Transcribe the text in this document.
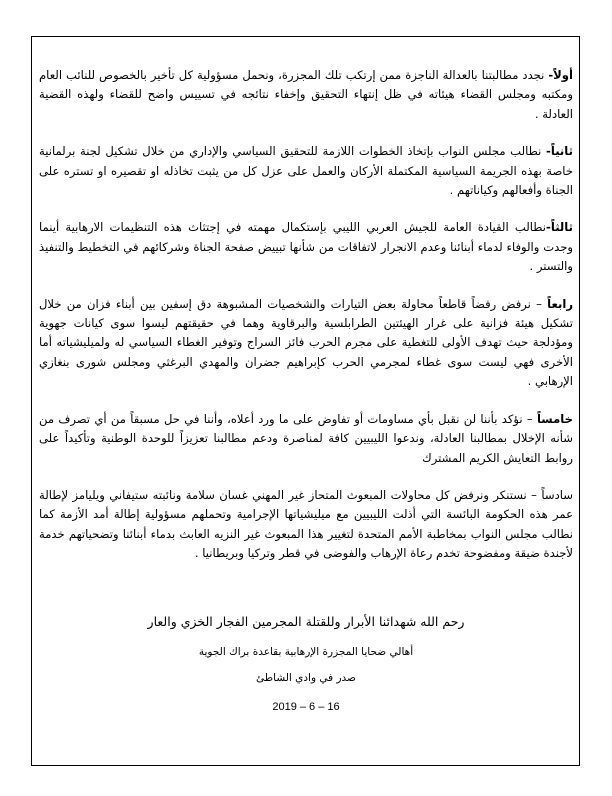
أولاً- نجدد مطالبتنا بالعدالة الناجزة ممن إرتكب تلك المجزرة، ونحمل مسؤولية كل تأخير بالخصوص للنائب العام ومكتبه ومجلس القضاء هيئاته في ظل إنتهاء التحقيق وإخفاء نتائجه في تسييس واضح للقضاء ولهذه القضية العادلة .

ثانياً- نطالب مجلس النواب بإتخاذ الخطوات اللازمة للتحقيق السياسي والإداري من خلال تشكيل لجنة برلمانية خاصة بهذه الجريمة السياسية المكتملة الأركان والعمل على عزل كل من يثبت تخاذله او تقصيره او تستره على الجناة وأفعالهم وكياناتهم .

ثالثاً-نطالب القيادة العامة للجيش العربي الليبي بإستكمال مهمته في إجتثاث هذه التنظيمات الارهابية أينما وجدت والوفاء لدماء أبنائنا وعدم الانجرار لاتفاقات من شأنها تبييض صفحة الجناة وشركائهم في التخطيط والتنفيذ والتستر .

رابعاً – نرفض رفضاً قاطعاً محاولة بعض التيارات والشخصيات المشبوهة دق إسفين بين أبناء فزان من خلال تشكيل هيئة فزانية على غرار الهيئتين الطرابلسية والبرقاوية وهما في حقيقتهم ليسوا سوى كيانات جهوية ومؤدلجة حيث تهدف الأولى للتغطية على مجرم الحرب فائز السراج وتوفير الغطاء السياسي له ولميليشياته أما الأخرى فهي ليست سوى غطاء لمجرمي الحرب كإبراهيم جضران والمهدي البرغثي ومجلس شورى بنغازي الإرهابي .

خامساً – نؤكد بأننا لن نقبل بأي مساومات أو تفاوض على ما ورد أعلاه، وأننا في حل مسبقاً من أي تصرف من شأنه الإخلال بمطالبنا العادلة، وندعوا الليبيين كافة لمناصرة ودعم مطالبنا تعزيزاً للوحدة الوطنية وتأكيداً على روابط التعايش الكريم المشترك

سادساً – نستنكر ونرفض كل محاولات المبعوث المتحاز غير المهني غسان سلامة ونائبته ستيفاني ويليامز لإطالة عمر هذه الحكومة البائسة التي أذلت الليبيين مع ميليشياتها الإجرامية وتحملهم مسؤولية إطالة أمد الأزمة كما نطالب مجلس النواب بمخاطبة الأمم المتحدة لتغيير هذا المبعوث غير النزيه العابث بدماء أبنائنا وتضحياتهم خدمة لأجندة ضيقة ومفضوحة تخدم رعاة الإرهاب والفوضى في قطر وتركيا وبريطانيا .

رحم الله شهدائنا الأبرار وللقتلة المجرمين الفجار الخزي والعار
أهالي ضحايا المجزرة الإرهابية بقاعدة براك الجوية
صدر في وادي الشاطئ
2019 – 6 – 16
